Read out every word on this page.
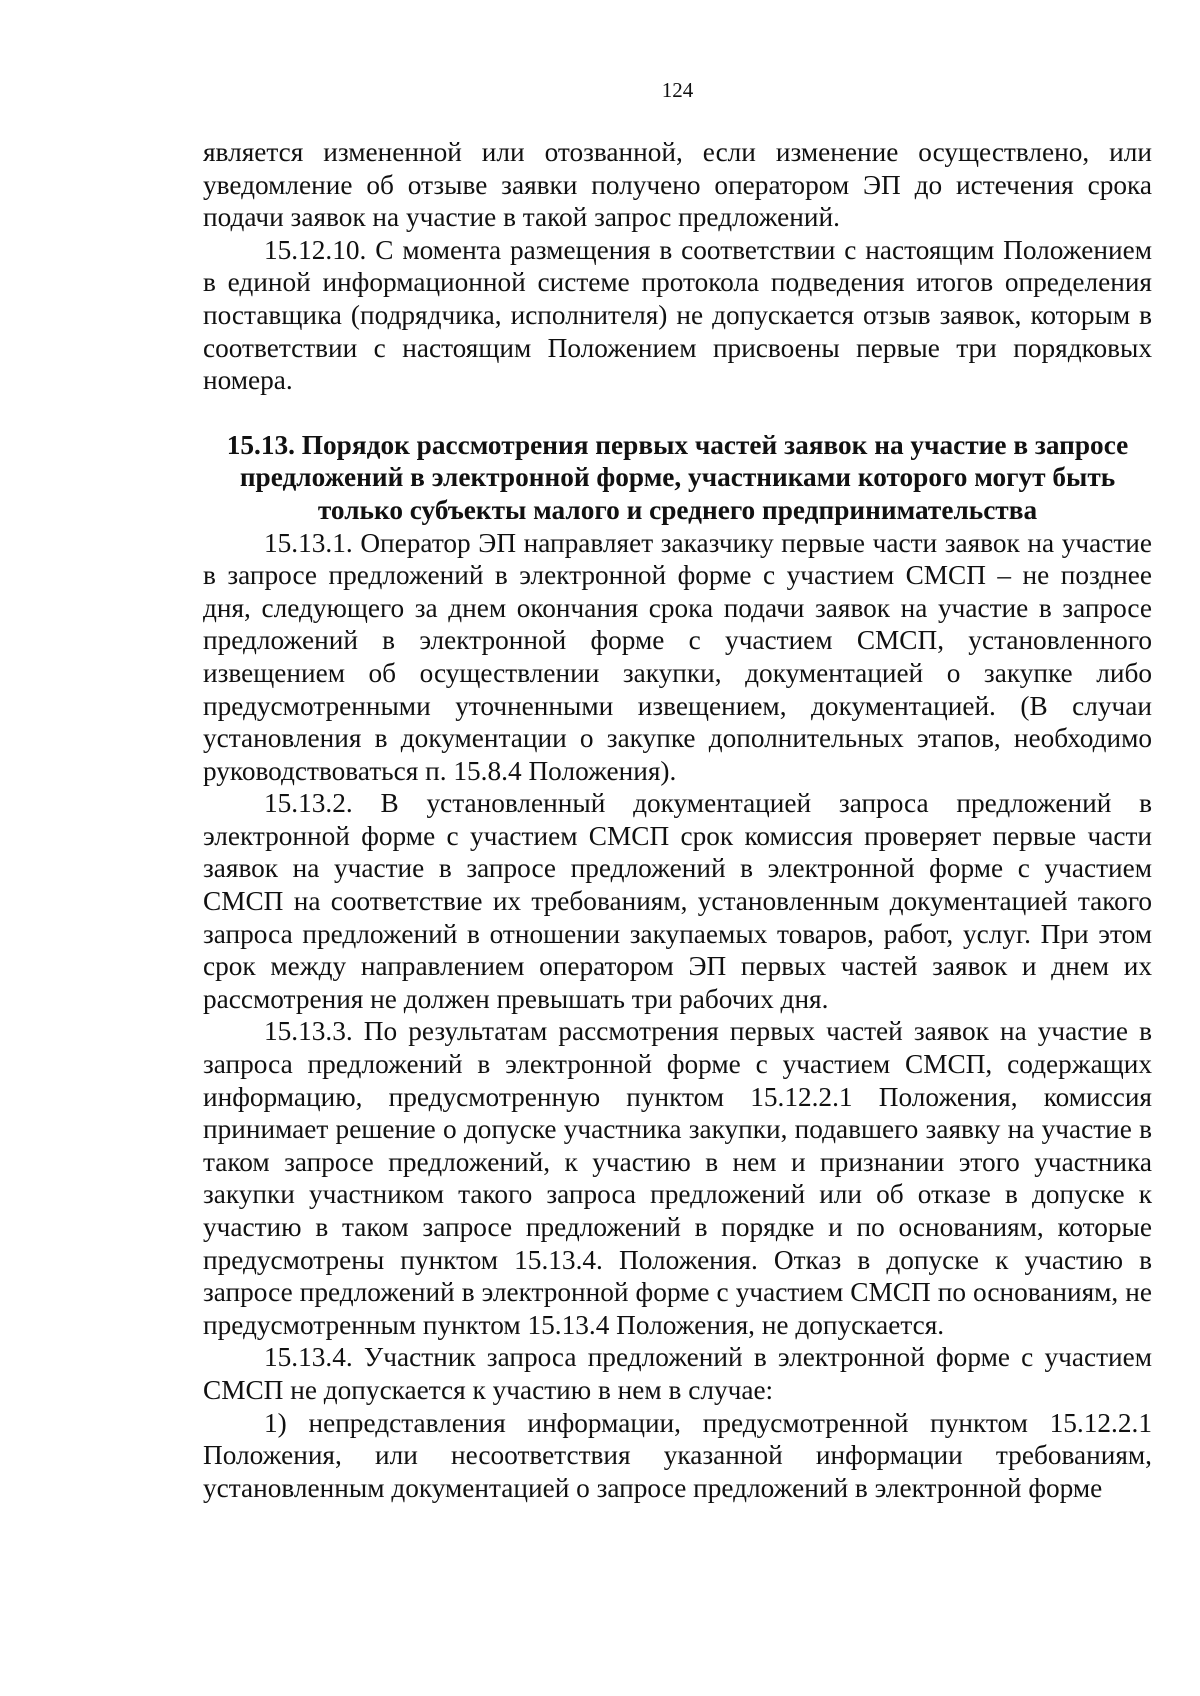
124

является измененной или отозванной, если изменение осуществлено, или уведомление об отзыве заявки получено оператором ЭП до истечения срока подачи заявок на участие в такой запрос предложений.

15.12.10. С момента размещения в соответствии с настоящим Положением в единой информационной системе протокола подведения итогов определения поставщика (подрядчика, исполнителя) не допускается отзыв заявок, которым в соответствии с настоящим Положением присвоены первые три порядковых номера.

15.13. Порядок рассмотрения первых частей заявок на участие в запросе предложений в электронной форме, участниками которого могут быть только субъекты малого и среднего предпринимательства

15.13.1. Оператор ЭП направляет заказчику первые части заявок на участие в запросе предложений в электронной форме с участием СМСП – не позднее дня, следующего за днем окончания срока подачи заявок на участие в запросе предложений в электронной форме с участием СМСП, установленного извещением об осуществлении закупки, документацией о закупке либо предусмотренными уточненными извещением, документацией. (В случаи установления в документации о закупке дополнительных этапов, необходимо руководствоваться п. 15.8.4 Положения).

15.13.2. В установленный документацией запроса предложений в электронной форме с участием СМСП срок комиссия проверяет первые части заявок на участие в запросе предложений в электронной форме с участием СМСП на соответствие их требованиям, установленным документацией такого запроса предложений в отношении закупаемых товаров, работ, услуг. При этом срок между направлением оператором ЭП первых частей заявок и днем их рассмотрения не должен превышать три рабочих дня.

15.13.3. По результатам рассмотрения первых частей заявок на участие в запроса предложений в электронной форме с участием СМСП, содержащих информацию, предусмотренную пунктом 15.12.2.1 Положения, комиссия принимает решение о допуске участника закупки, подавшего заявку на участие в таком запросе предложений, к участию в нем и признании этого участника закупки участником такого запроса предложений или об отказе в допуске к участию в таком запросе предложений в порядке и по основаниям, которые предусмотрены пунктом 15.13.4. Положения. Отказ в допуске к участию в запросе предложений в электронной форме с участием СМСП по основаниям, не предусмотренным пунктом 15.13.4 Положения, не допускается.

15.13.4. Участник запроса предложений в электронной форме с участием СМСП не допускается к участию в нем в случае:

1) непредставления информации, предусмотренной пунктом 15.12.2.1 Положения, или несоответствия указанной информации требованиям, установленным документацией о запросе предложений в электронной форме
